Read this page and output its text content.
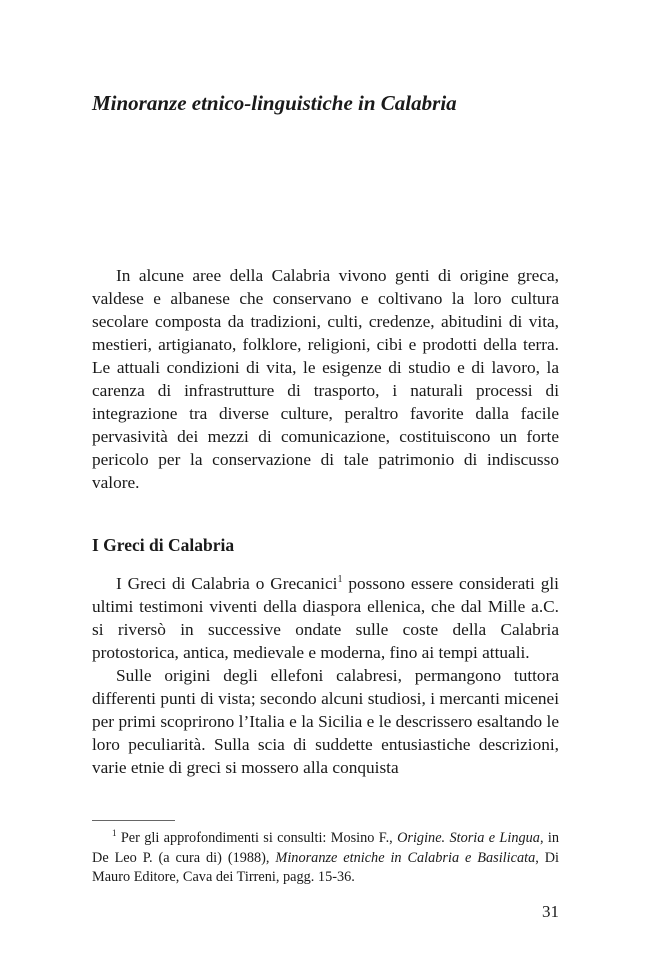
Minoranze etnico-linguistiche in Calabria

In alcune aree della Calabria vivono genti di origine greca, valdese e albanese che conservano e coltivano la loro cultura secolare composta da tradizioni, culti, credenze, abitudini di vita, mestieri, artigianato, folklore, religioni, cibi e prodotti della terra. Le attuali condizioni di vita, le esigenze di studio e di lavoro, la carenza di infrastrutture di trasporto, i naturali processi di integrazione tra diverse culture, peraltro favorite dalla facile pervasività dei mezzi di comunicazione, costituiscono un forte pericolo per la conservazione di tale patrimonio di indiscusso valore.

I Greci di Calabria

I Greci di Calabria o Grecanici$^1$ possono essere considerati gli ultimi testimoni viventi della diaspora ellenica, che dal Mille a.C. si riversò in successive ondate sulle coste della Calabria protostorica, antica, medievale e moderna, fino ai tempi attuali.

Sulle origini degli ellefoni calabresi, permangono tuttora differenti punti di vista; secondo alcuni studiosi, i mercanti micenei per primi scoprirono l’Italia e la Sicilia e le descrissero esaltando le loro peculiarità. Sulla scia di suddette entusiastiche descrizioni, varie etnie di greci si mossero alla conquista

$^1$ Per gli approfondimenti si consulti: Mosino F., Origine. Storia e Lingua, in De Leo P. (a cura di) (1988), Minoranze etniche in Calabria e Basilicata, Di Mauro Editore, Cava dei Tirreni, pagg. 15-36.

31
